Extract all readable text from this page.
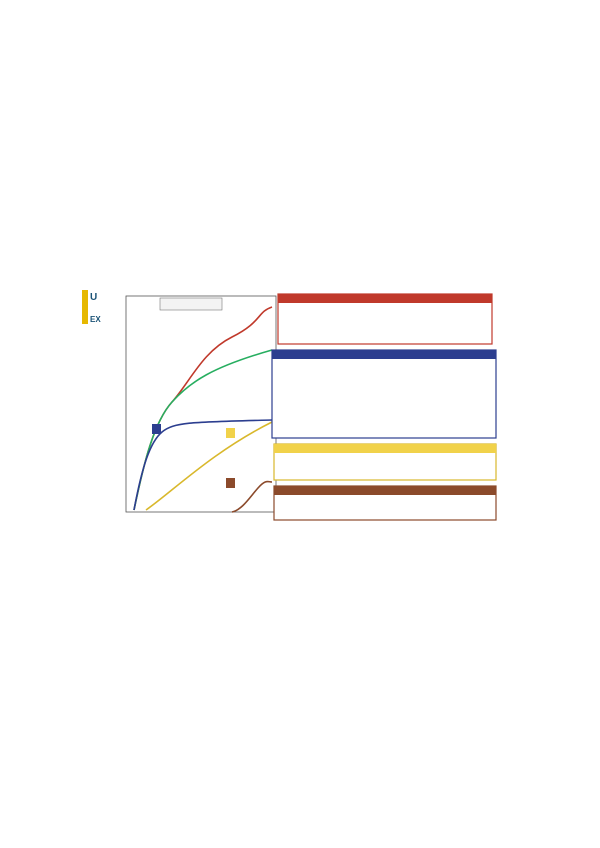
U
EX
